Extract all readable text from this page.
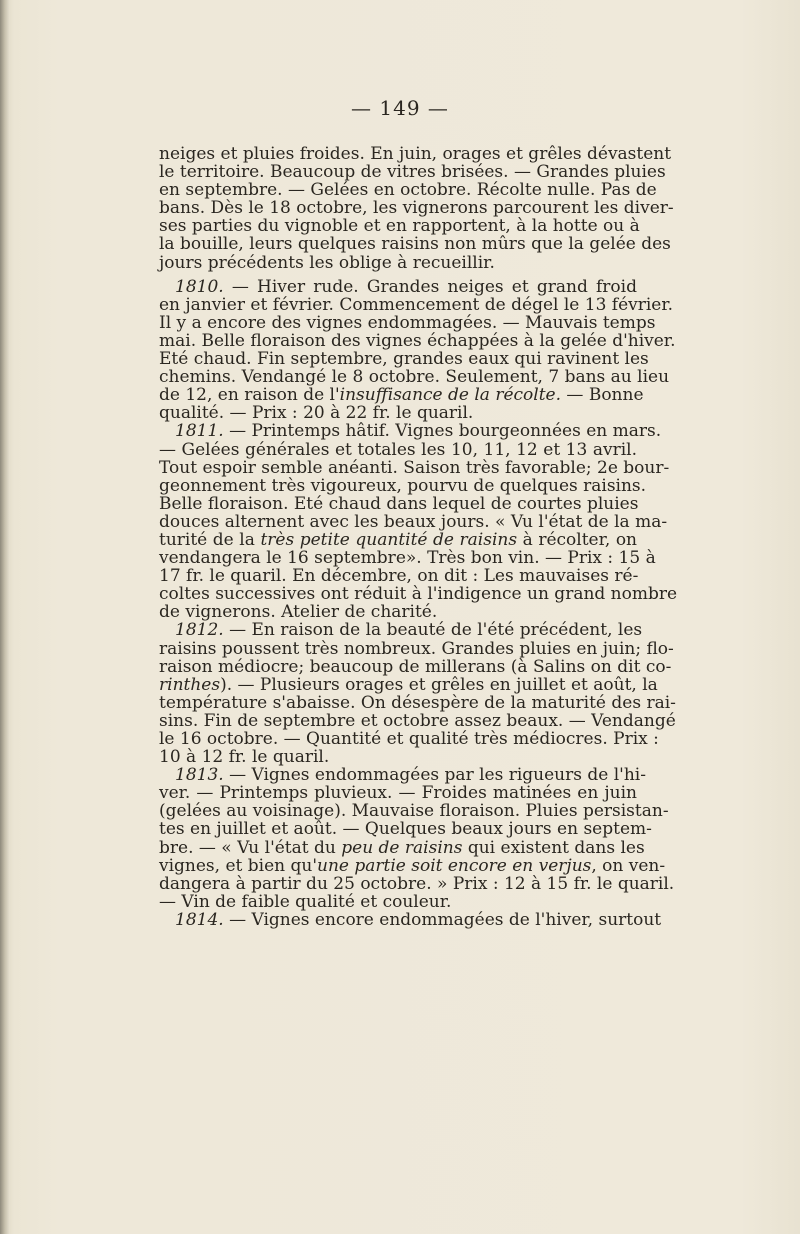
— 149 —
neiges et pluies froides. En juin, orages et grêles dévastent
le territoire. Beaucoup de vitres brisées. — Grandes pluies
en septembre. — Gelées en octobre. Récolte nulle. Pas de
bans. Dès le 18 octobre, les vignerons parcourent les diver-
ses parties du vignoble et en rapportent, à la hotte ou à
la bouille, leurs quelques raisins non mûrs que la gelée des
jours précédents les oblige à recueillir.
1810. — Hiver rude. Grandes neiges et grand froid
en janvier et février. Commencement de dégel le 13 février.
Il y a encore des vignes endommagées. — Mauvais temps
mai. Belle floraison des vignes échappées à la gelée d'hiver.
Eté chaud. Fin septembre, grandes eaux qui ravinent les
chemins. Vendangé le 8 octobre. Seulement, 7 bans au lieu
de 12, en raison de l'insuffisance de la récolte. — Bonne
qualité. — Prix : 20 à 22 fr. le quaril.
1811. — Printemps hâtif. Vignes bourgeonnées en mars.
— Gelées générales et totales les 10, 11, 12 et 13 avril.
Tout espoir semble anéanti. Saison très favorable; 2e bour-
geonnement très vigoureux, pourvu de quelques raisins.
Belle floraison. Eté chaud dans lequel de courtes pluies
douces alternent avec les beaux jours. « Vu l'état de la ma-
turité de la très petite quantité de raisins à récolter, on
vendangera le 16 septembre». Très bon vin. — Prix : 15 à
17 fr. le quaril. En décembre, on dit : Les mauvaises ré-
coltes successives ont réduit à l'indigence un grand nombre
de vignerons. Atelier de charité.
1812. — En raison de la beauté de l'été précédent, les
raisins poussent très nombreux. Grandes pluies en juin; flo-
raison médiocre; beaucoup de millerans (à Salins on dit co-
rinthes). — Plusieurs orages et grêles en juillet et août, la
température s'abaisse. On désespère de la maturité des rai-
sins. Fin de septembre et octobre assez beaux. — Vendangé
le 16 octobre. — Quantité et qualité très médiocres. Prix :
10 à 12 fr. le quaril.
1813. — Vignes endommagées par les rigueurs de l'hi-
ver. — Printemps pluvieux. — Froides matinées en juin
(gelées au voisinage). Mauvaise floraison. Pluies persistan-
tes en juillet et août. — Quelques beaux jours en septem-
bre. — « Vu l'état du peu de raisins qui existent dans les
vignes, et bien qu'une partie soit encore en verjus, on ven-
dangera à partir du 25 octobre. » Prix : 12 à 15 fr. le quaril.
— Vin de faible qualité et couleur.
1814. — Vignes encore endommagées de l'hiver, surtout
